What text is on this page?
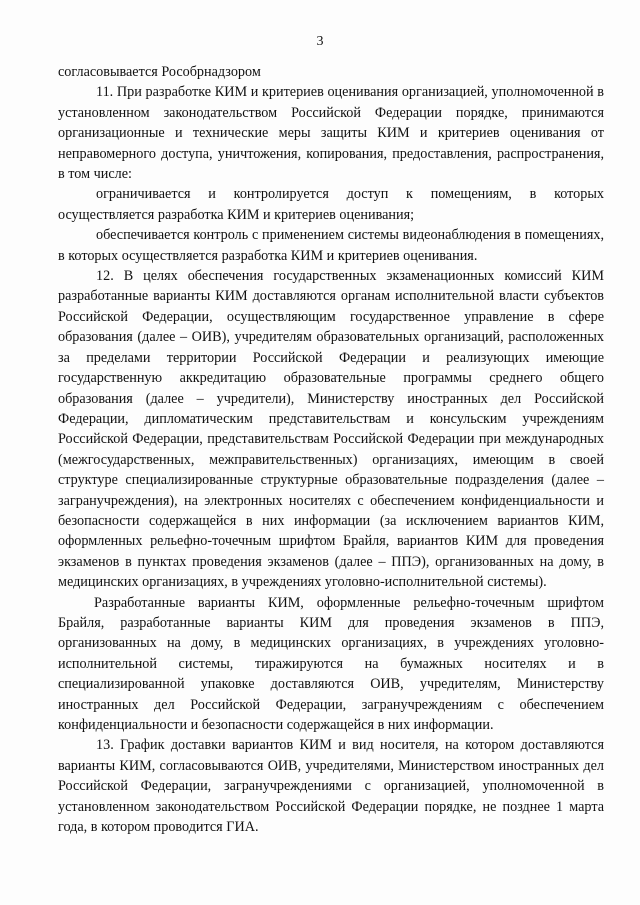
3

согласовывается Рособрнадзором

11. При разработке КИМ и критериев оценивания организацией, уполномоченной в установленном законодательством Российской Федерации порядке, принимаются организационные и технические меры защиты КИМ и критериев оценивания от неправомерного доступа, уничтожения, копирования, предоставления, распространения, в том числе:

ограничивается и контролируется доступ к помещениям, в которых осуществляется разработка КИМ и критериев оценивания;

обеспечивается контроль с применением системы видеонаблюдения в помещениях, в которых осуществляется разработка КИМ и критериев оценивания.

12. В целях обеспечения государственных экзаменационных комиссий КИМ разработанные варианты КИМ доставляются органам исполнительной власти субъектов Российской Федерации, осуществляющим государственное управление в сфере образования (далее – ОИВ), учредителям образовательных организаций, расположенных за пределами территории Российской Федерации и реализующих имеющие государственную аккредитацию образовательные программы среднего общего образования (далее – учредители), Министерству иностранных дел Российской Федерации, дипломатическим представительствам и консульским учреждениям Российской Федерации, представительствам Российской Федерации при международных (межгосударственных, межправительственных) организациях, имеющим в своей структуре специализированные структурные образовательные подразделения (далее – загранучреждения), на электронных носителях с обеспечением конфиденциальности и безопасности содержащейся в них информации (за исключением вариантов КИМ, оформленных рельефно-точечным шрифтом Брайля, вариантов КИМ для проведения экзаменов в пунктах проведения экзаменов (далее – ППЭ), организованных на дому, в медицинских организациях, в учреждениях уголовно-исполнительной системы).

Разработанные варианты КИМ, оформленные рельефно-точечным шрифтом Брайля, разработанные варианты КИМ для проведения экзаменов в ППЭ, организованных на дому, в медицинских организациях, в учреждениях уголовно-исполнительной системы, тиражируются на бумажных носителях и в специализированной упаковке доставляются ОИВ, учредителям, Министерству иностранных дел Российской Федерации, загранучреждениям с обеспечением конфиденциальности и безопасности содержащейся в них информации.

13. График доставки вариантов КИМ и вид носителя, на котором доставляются варианты КИМ, согласовываются ОИВ, учредителями, Министерством иностранных дел Российской Федерации, загранучреждениями с организацией, уполномоченной в установленном законодательством Российской Федерации порядке, не позднее 1 марта года, в котором проводится ГИА.
